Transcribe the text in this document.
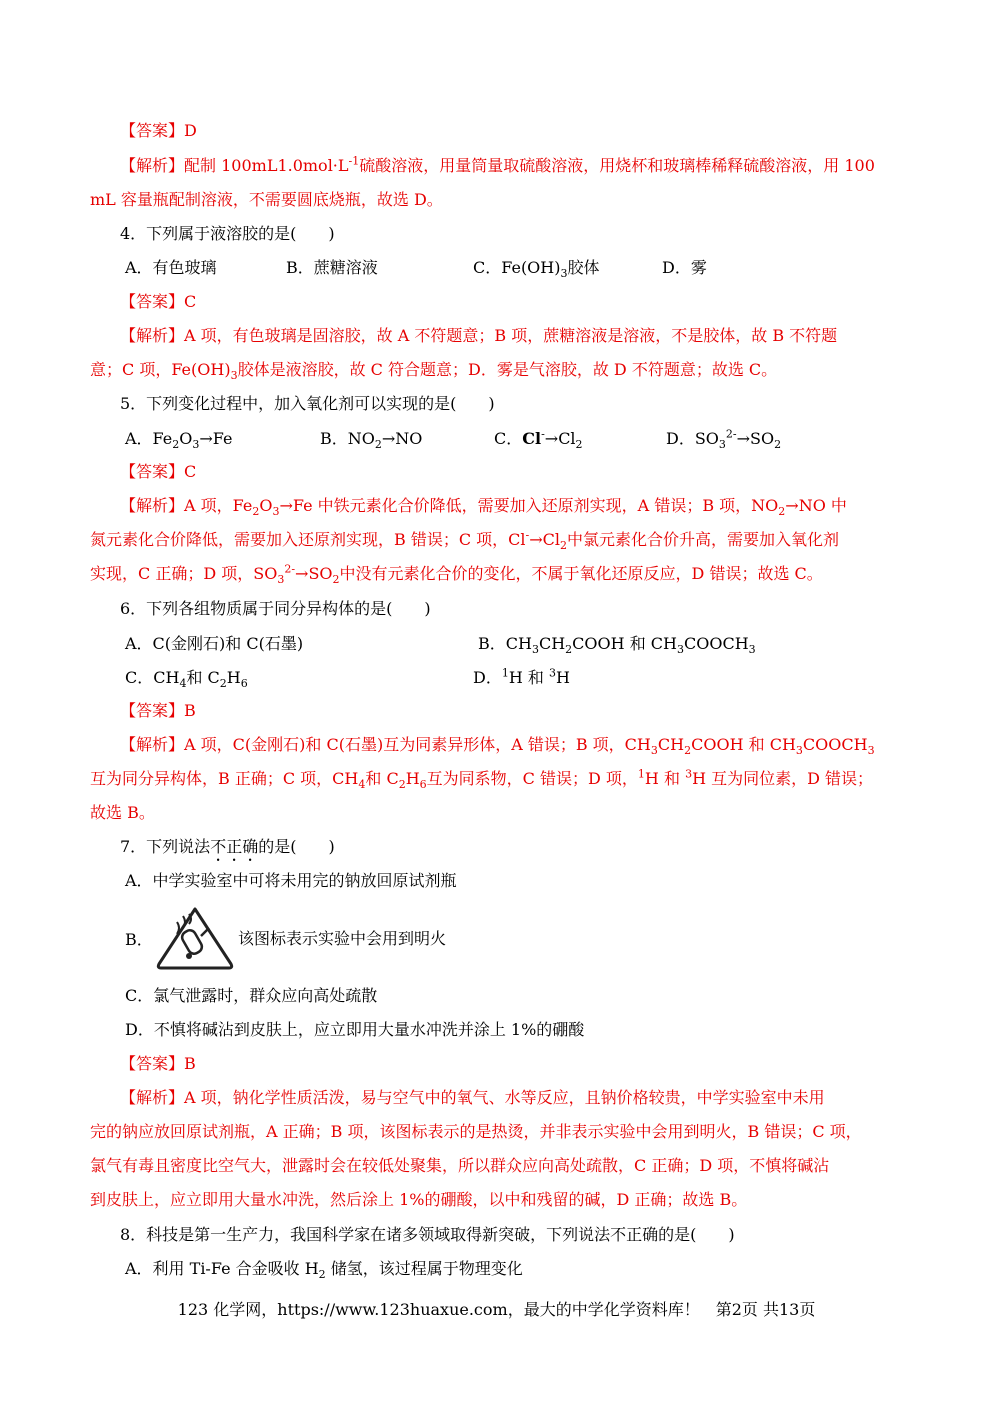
【答案】D
【解析】配制 $100mL1.0mol\cdot L^{-1}$硫酸溶液，用量筒量取硫酸溶液，用烧杯和玻璃棒稀释硫酸溶液，用 100
mL 容量瓶配制溶液，不需要圆底烧瓶，故选 D。
4．下列属于液溶胶的是(　　)
A．有色玻璃	B．蔗糖溶液	C．$Fe(OH)_3$胶体	D．雾
【答案】C
【解析】A 项，有色玻璃是固溶胶，故 A 不符题意；B 项，蔗糖溶液是溶液，不是胶体，故 B 不符题
意；C 项，$Fe(OH)_3$胶体是液溶胶，故 C 符合题意；D．雾是气溶胶，故 D 不符题意；故选 C。
5．下列变化过程中，加入氧化剂可以实现的是(　　)
A．$Fe_2O_3\to Fe$	B．$NO_2\to NO$	C．$Cl^-\to Cl_2$	D．$SO_3^{2-}\to SO_2$
【答案】C
【解析】A 项，$Fe_2O_3\to Fe$ 中铁元素化合价降低，需要加入还原剂实现，A 错误；B 项，$NO_2\to NO$ 中
氮元素化合价降低，需要加入还原剂实现，B 错误；C 项，$Cl^-\to Cl_2$中氯元素化合价升高，需要加入氧化剂
实现，C 正确；D 项，$SO_3^{2-}\to SO_2$中没有元素化合价的变化，不属于氧化还原反应，D 错误；故选 C。
6．下列各组物质属于同分异构体的是(　　)
A．C(金刚石)和 C(石墨)	B．$CH_3CH_2COOH$ 和 $CH_3COOCH_3$
C．$CH_4$和 $C_2H_6$	D．$^1$H 和 $^3$H
【答案】B
【解析】A 项，C(金刚石)和 C(石墨)互为同素异形体，A 错误；B 项，$CH_3CH_2COOH$ 和 $CH_3COOCH_3$
互为同分异构体，B 正确；C 项，$CH_4$和 $C_2H_6$互为同系物，C 错误；D 项，$^1$H 和 $^3$H 互为同位素，D 错误；
故选 B。
7．下列说法不正确的是(　　)
A．中学实验室中可将未用完的钠放回原试剂瓶
B．	该图标表示实验中会用到明火
C．氯气泄露时，群众应向高处疏散
D．不慎将碱沾到皮肤上，应立即用大量水冲洗并涂上 1%的硼酸
【答案】B
【解析】A 项，钠化学性质活泼，易与空气中的氧气、水等反应，且钠价格较贵，中学实验室中未用
完的钠应放回原试剂瓶，A 正确；B 项，该图标表示的是热烫，并非表示实验中会用到明火，B 错误；C 项，
氯气有毒且密度比空气大，泄露时会在较低处聚集，所以群众应向高处疏散，C 正确；D 项，不慎将碱沾
到皮肤上，应立即用大量水冲洗，然后涂上 1%的硼酸，以中和残留的碱，D 正确；故选 B。
8．科技是第一生产力，我国科学家在诸多领域取得新突破，下列说法不正确的是(　　)
A．利用 Ti-Fe 合金吸收 $H_2$ 储氢，该过程属于物理变化
123 化学网，https://www.123huaxue.com，最大的中学化学资料库！　第2页 共13页
